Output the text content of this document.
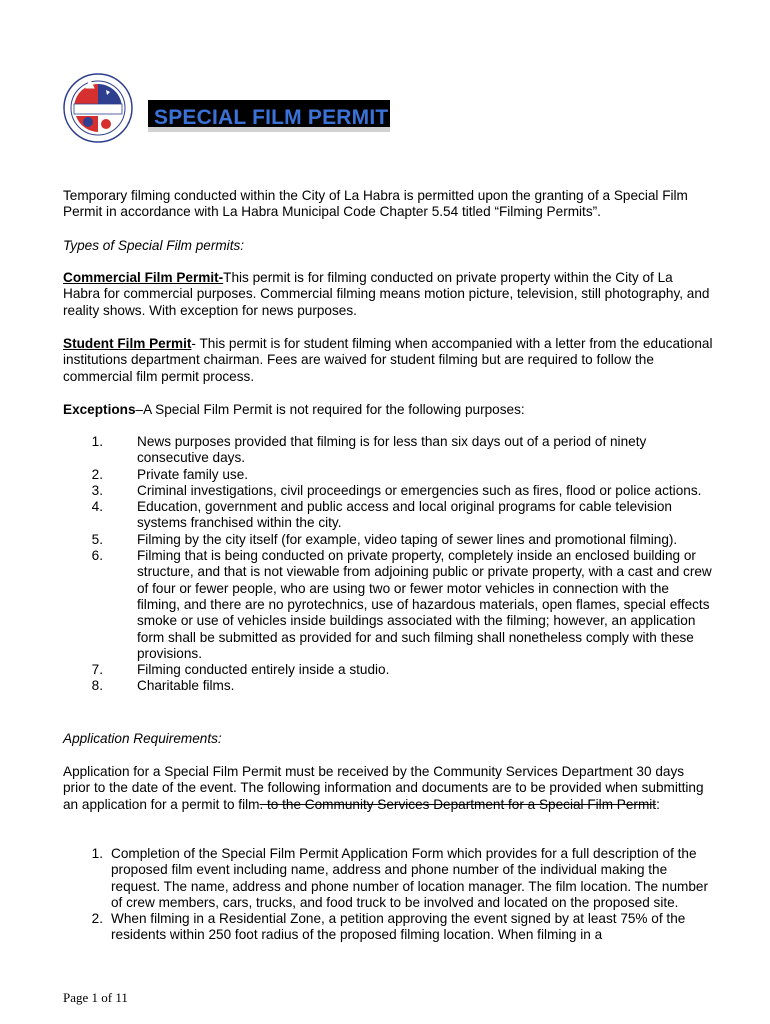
SPECIAL FILM PERMIT
Temporary filming conducted within the City of La Habra is permitted upon the granting of a Special Film Permit in accordance with La Habra Municipal Code Chapter 5.54 titled “Filming Permits”.
Types of Special Film permits:
Commercial Film Permit-This permit is for filming conducted on private property within the City of La Habra for commercial purposes. Commercial filming means motion picture, television, still photography, and reality shows. With exception for news purposes.
Student Film Permit- This permit is for student filming when accompanied with a letter from the educational institutions department chairman. Fees are waived for student filming but are required to follow the commercial film permit process.
Exceptions–A Special Film Permit is not required for the following purposes:
1.	News purposes provided that filming is for less than six days out of a period of ninety consecutive days.
2.	Private family use.
3.	Criminal investigations, civil proceedings or emergencies such as fires, flood or police actions.
4.	Education, government and public access and local original programs for cable television systems franchised within the city.
5.	Filming by the city itself (for example, video taping of sewer lines and promotional filming).
6.	Filming that is being conducted on private property, completely inside an enclosed building or structure, and that is not viewable from adjoining public or private property, with a cast and crew of four or fewer people, who are using two or fewer motor vehicles in connection with the filming, and there are no pyrotechnics, use of hazardous materials, open flames, special effects smoke or use of vehicles inside buildings associated with the filming; however, an application form shall be submitted as provided for and such filming shall nonetheless comply with these provisions.
7.	Filming conducted entirely inside a studio.
8.	Charitable films.
Application Requirements:
Application for a Special Film Permit must be received by the Community Services Department 30 days prior to the date of the event. The following information and documents are to be provided when submitting an application for a permit to film. to the Community Services Department for a Special Film Permit:
1. Completion of the Special Film Permit Application Form which provides for a full description of the proposed film event including name, address and phone number of the individual making the request. The name, address and phone number of location manager. The film location. The number of crew members, cars, trucks, and food truck to be involved and located on the proposed site.
2. When filming in a Residential Zone, a petition approving the event signed by at least 75% of the residents within 250 foot radius of the proposed filming location. When filming in a
Page 1 of 11
